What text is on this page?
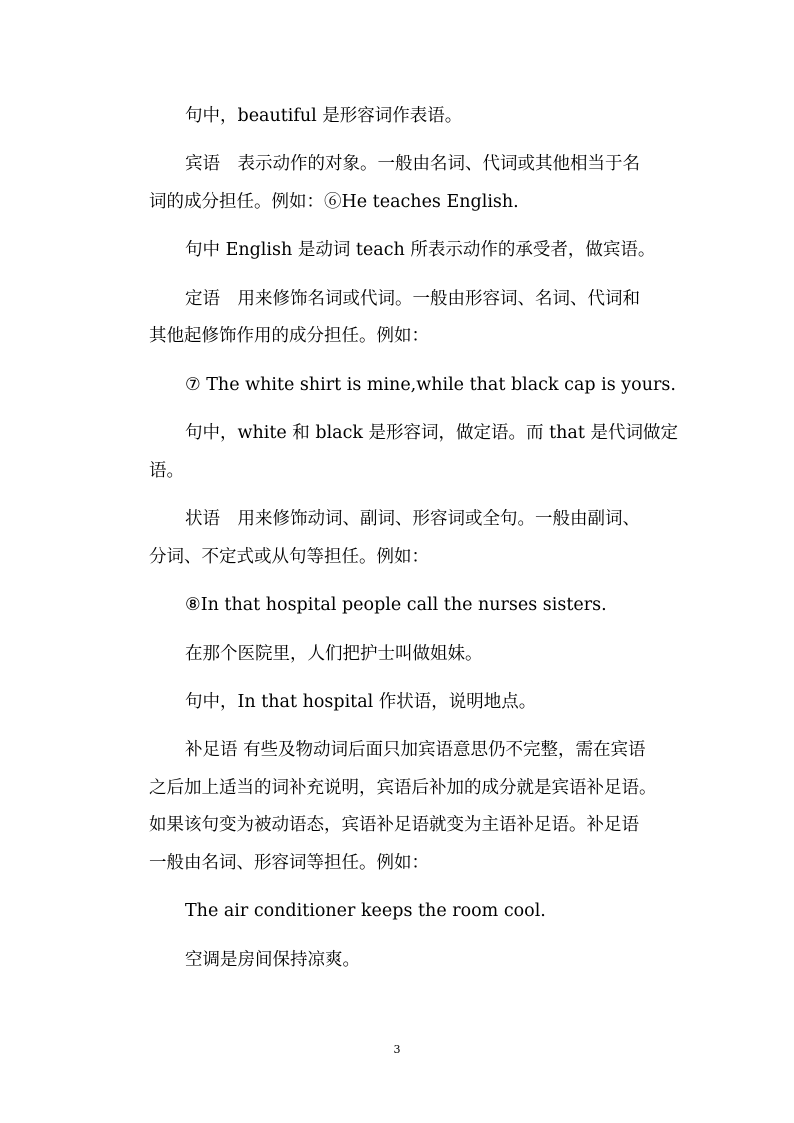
句中，beautiful 是形容词作表语。
宾语　表示动作的对象。一般由名词、代词或其他相当于名
词的成分担任。例如：⑥He teaches English.
句中 English 是动词 teach 所表示动作的承受者，做宾语。
定语　用来修饰名词或代词。一般由形容词、名词、代词和
其他起修饰作用的成分担任。例如：
⑦ The white shirt is mine,while that black cap is yours.
句中，white 和 black 是形容词，做定语。而 that 是代词做定
语。
状语　用来修饰动词、副词、形容词或全句。一般由副词、
分词、不定式或从句等担任。例如：
⑧In that hospital people call the nurses sisters.
在那个医院里，人们把护士叫做姐妹。
句中，In that hospital 作状语，说明地点。
补足语 有些及物动词后面只加宾语意思仍不完整，需在宾语
之后加上适当的词补充说明，宾语后补加的成分就是宾语补足语。
如果该句变为被动语态，宾语补足语就变为主语补足语。补足语
一般由名词、形容词等担任。例如：
The air conditioner keeps the room cool.
空调是房间保持凉爽。
3
